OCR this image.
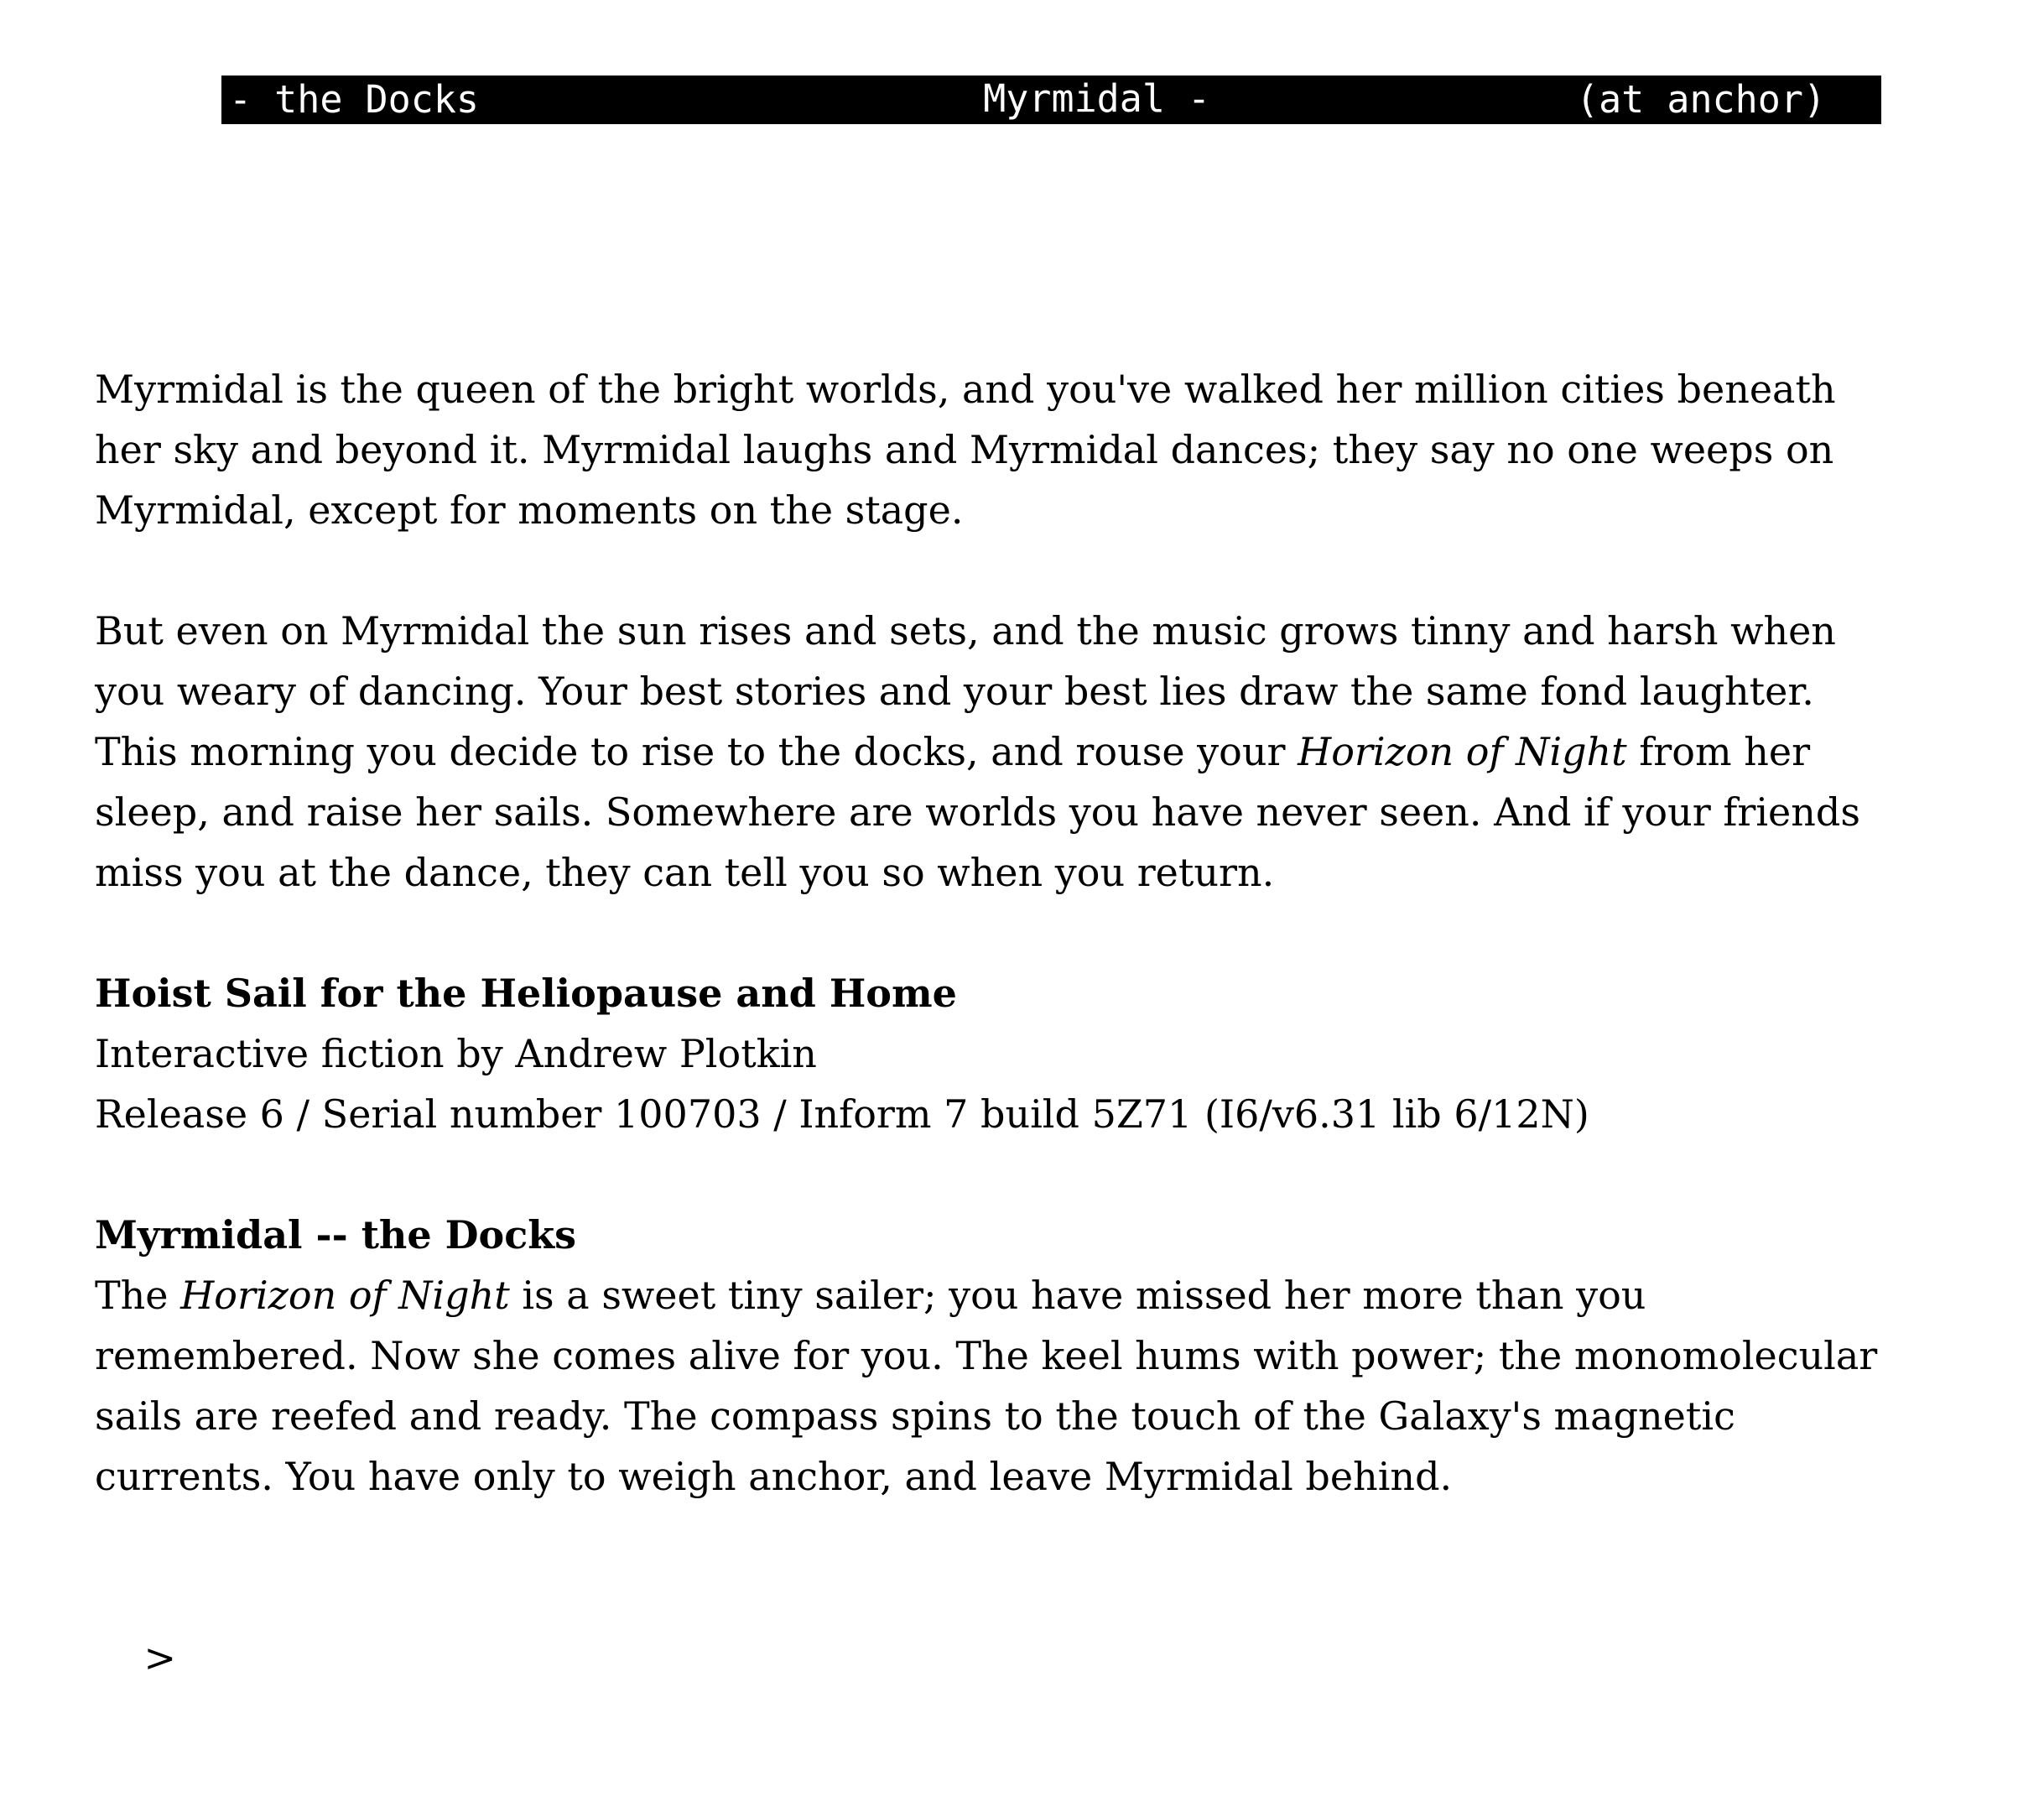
Myrmidal -

- the Docks	(at anchor)
Myrmidal is the queen of the bright worlds, and you've walked her million cities beneath
her sky and beyond it. Myrmidal laughs and Myrmidal dances; they say no one weeps on
Myrmidal, except for moments on the stage.
But even on Myrmidal the sun rises and sets, and the music grows tinny and harsh when
you weary of dancing. Your best stories and your best lies draw the same fond laughter.
This morning you decide to rise to the docks, and rouse your Horizon of Night from her
sleep, and raise her sails. Somewhere are worlds you have never seen. And if your friends
miss you at the dance, they can tell you so when you return.
Hoist Sail for the Heliopause and Home
Interactive fiction by Andrew Plotkin
Release 6 / Serial number 100703 / Inform 7 build 5Z71 (I6/v6.31 lib 6/12N)
Myrmidal -- the Docks
The Horizon of Night is a sweet tiny sailer; you have missed her more than you
remembered. Now she comes alive for you. The keel hums with power; the monomolecular
sails are reefed and ready. The compass spins to the touch of the Galaxy's magnetic
currents. You have only to weigh anchor, and leave Myrmidal behind.

>
